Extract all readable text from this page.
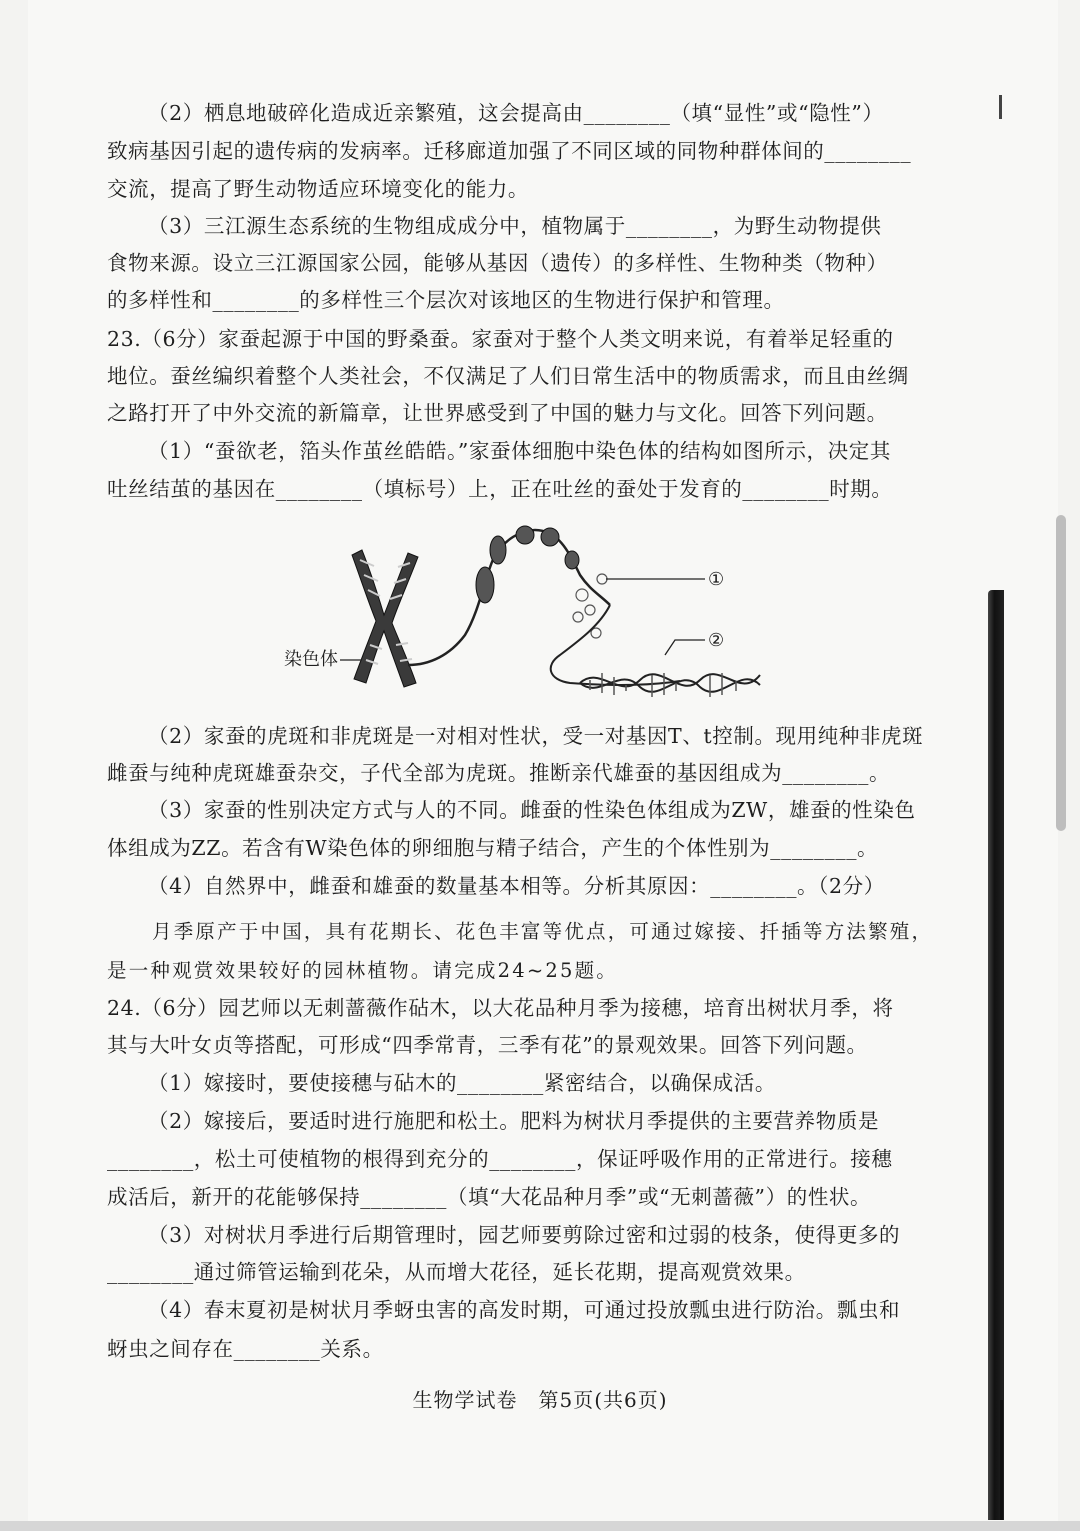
（2）栖息地破碎化造成近亲繁殖，这会提高由________（填“显性”或“隐性”）
致病基因引起的遗传病的发病率。迁移廊道加强了不同区域的同物种群体间的________
交流，提高了野生动物适应环境变化的能力。
（3）三江源生态系统的生物组成成分中，植物属于________，为野生动物提供
食物来源。设立三江源国家公园，能够从基因（遗传）的多样性、生物种类（物种）
的多样性和________的多样性三个层次对该地区的生物进行保护和管理。
23.（6分）家蚕起源于中国的野桑蚕。家蚕对于整个人类文明来说，有着举足轻重的
地位。蚕丝编织着整个人类社会，不仅满足了人们日常生活中的物质需求，而且由丝绸
之路打开了中外交流的新篇章，让世界感受到了中国的魅力与文化。回答下列问题。
（1）“蚕欲老，箔头作茧丝皓皓。”家蚕体细胞中染色体的结构如图所示，决定其
吐丝结茧的基因在________（填标号）上，正在吐丝的蚕处于发育的________时期。
染色体
①
②
（2）家蚕的虎斑和非虎斑是一对相对性状，受一对基因T、t控制。现用纯种非虎斑
雌蚕与纯种虎斑雄蚕杂交，子代全部为虎斑。推断亲代雄蚕的基因组成为________。
（3）家蚕的性别决定方式与人的不同。雌蚕的性染色体组成为ZW，雄蚕的性染色
体组成为ZZ。若含有W染色体的卵细胞与精子结合，产生的个体性别为________。
（4）自然界中，雌蚕和雄蚕的数量基本相等。分析其原因：________。（2分）
月季原产于中国，具有花期长、花色丰富等优点，可通过嫁接、扦插等方法繁殖，
是一种观赏效果较好的园林植物。请完成24~25题。
24.（6分）园艺师以无刺蔷薇作砧木，以大花品种月季为接穗，培育出树状月季，将
其与大叶女贞等搭配，可形成“四季常青，三季有花”的景观效果。回答下列问题。
（1）嫁接时，要使接穗与砧木的________紧密结合，以确保成活。
（2）嫁接后，要适时进行施肥和松土。肥料为树状月季提供的主要营养物质是
________，松土可使植物的根得到充分的________，保证呼吸作用的正常进行。接穗
成活后，新开的花能够保持________（填“大花品种月季”或“无刺蔷薇”）的性状。
（3）对树状月季进行后期管理时，园艺师要剪除过密和过弱的枝条，使得更多的
________通过筛管运输到花朵，从而增大花径，延长花期，提高观赏效果。
（4）春末夏初是树状月季蚜虫害的高发时期，可通过投放瓢虫进行防治。瓢虫和
蚜虫之间存在________关系。
生物学试卷　第5页(共6页)
